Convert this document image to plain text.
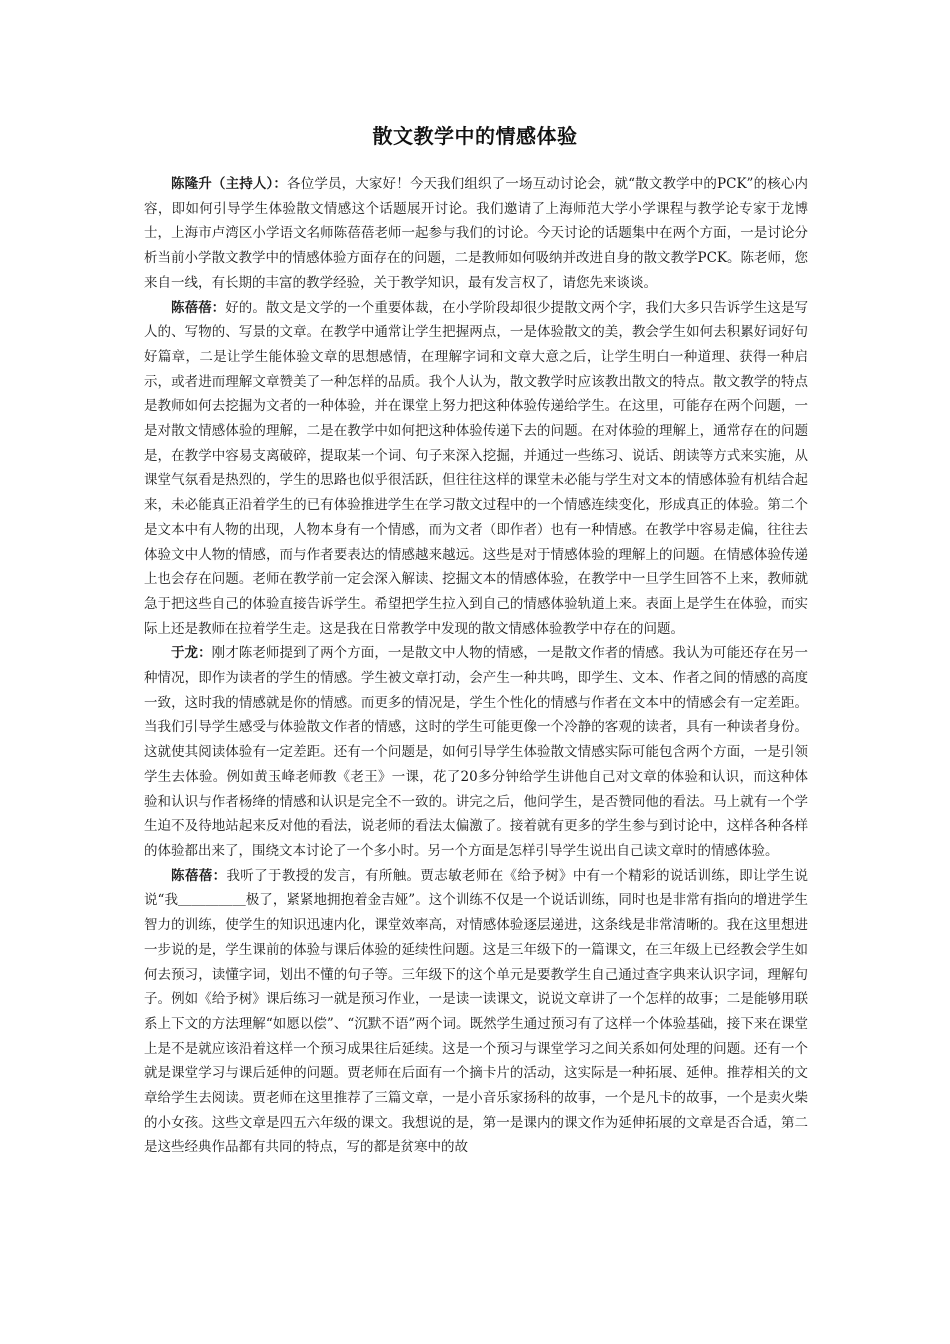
散文教学中的情感体验

陈隆升（主持人）：各位学员，大家好！今天我们组织了一场互动讨论会，就“散文教学中的PCK”的核心内容，即如何引导学生体验散文情感这个话题展开讨论。我们邀请了上海师范大学小学课程与教学论专家于龙博士，上海市卢湾区小学语文名师陈蓓蓓老师一起参与我们的讨论。今天讨论的话题集中在两个方面，一是讨论分析当前小学散文教学中的情感体验方面存在的问题，二是教师如何吸纳并改进自身的散文教学PCK。陈老师，您来自一线，有长期的丰富的教学经验，关于教学知识，最有发言权了，请您先来谈谈。

陈蓓蓓：好的。散文是文学的一个重要体裁，在小学阶段却很少提散文两个字，我们大多只告诉学生这是写人的、写物的、写景的文章。在教学中通常让学生把握两点，一是体验散文的美，教会学生如何去积累好词好句好篇章，二是让学生能体验文章的思想感情，在理解字词和文章大意之后，让学生明白一种道理、获得一种启示，或者进而理解文章赞美了一种怎样的品质。我个人认为，散文教学时应该教出散文的特点。散文教学的特点是教师如何去挖掘为文者的一种体验，并在课堂上努力把这种体验传递给学生。在这里，可能存在两个问题，一是对散文情感体验的理解，二是在教学中如何把这种体验传递下去的问题。在对体验的理解上，通常存在的问题是，在教学中容易支离破碎，提取某一个词、句子来深入挖掘，并通过一些练习、说话、朗读等方式来实施，从课堂气氛看是热烈的，学生的思路也似乎很活跃，但往往这样的课堂未必能与学生对文本的情感体验有机结合起来，未必能真正沿着学生的已有体验推进学生在学习散文过程中的一个情感连续变化，形成真正的体验。第二个是文本中有人物的出现，人物本身有一个情感，而为文者（即作者）也有一种情感。在教学中容易走偏，往往去体验文中人物的情感，而与作者要表达的情感越来越远。这些是对于情感体验的理解上的问题。在情感体验传递上也会存在问题。老师在教学前一定会深入解读、挖掘文本的情感体验，在教学中一旦学生回答不上来，教师就急于把这些自己的体验直接告诉学生。希望把学生拉入到自己的情感体验轨道上来。表面上是学生在体验，而实际上还是教师在拉着学生走。这是我在日常教学中发现的散文情感体验教学中存在的问题。

于龙：刚才陈老师提到了两个方面，一是散文中人物的情感，一是散文作者的情感。我认为可能还存在另一种情况，即作为读者的学生的情感。学生被文章打动，会产生一种共鸣，即学生、文本、作者之间的情感的高度一致，这时我的情感就是你的情感。而更多的情况是，学生个性化的情感与作者在文本中的情感会有一定差距。当我们引导学生感受与体验散文作者的情感，这时的学生可能更像一个冷静的客观的读者，具有一种读者身份。这就使其阅读体验有一定差距。还有一个问题是，如何引导学生体验散文情感实际可能包含两个方面，一是引领学生去体验。例如黄玉峰老师教《老王》一课，花了20多分钟给学生讲他自己对文章的体验和认识，而这种体验和认识与作者杨绛的情感和认识是完全不一致的。讲完之后，他问学生，是否赞同他的看法。马上就有一个学生迫不及待地站起来反对他的看法，说老师的看法太偏激了。接着就有更多的学生参与到讨论中，这样各种各样的体验都出来了，围绕文本讨论了一个多小时。另一个方面是怎样引导学生说出自己读文章时的情感体验。

陈蓓蓓：我听了于教授的发言，有所触。贾志敏老师在《给予树》中有一个精彩的说话训练，即让学生说说“我＿＿＿＿＿极了，紧紧地拥抱着金吉娅”。这个训练不仅是一个说话训练，同时也是非常有指向的增进学生智力的训练，使学生的知识迅速内化，课堂效率高，对情感体验逐层递进，这条线是非常清晰的。我在这里想进一步说的是，学生课前的体验与课后体验的延续性问题。这是三年级下的一篇课文，在三年级上已经教会学生如何去预习，读懂字词，划出不懂的句子等。三年级下的这个单元是要教学生自己通过查字典来认识字词，理解句子。例如《给予树》课后练习一就是预习作业，一是读一读课文，说说文章讲了一个怎样的故事；二是能够用联系上下文的方法理解“如愿以偿”、“沉默不语”两个词。既然学生通过预习有了这样一个体验基础，接下来在课堂上是不是就应该沿着这样一个预习成果往后延续。这是一个预习与课堂学习之间关系如何处理的问题。还有一个就是课堂学习与课后延伸的问题。贾老师在后面有一个摘卡片的活动，这实际是一种拓展、延伸。推荐相关的文章给学生去阅读。贾老师在这里推荐了三篇文章，一是小音乐家扬科的故事，一个是凡卡的故事，一个是卖火柴的小女孩。这些文章是四五六年级的课文。我想说的是，第一是课内的课文作为延伸拓展的文章是否合适，第二是这些经典作品都有共同的特点，写的都是贫寒中的故
